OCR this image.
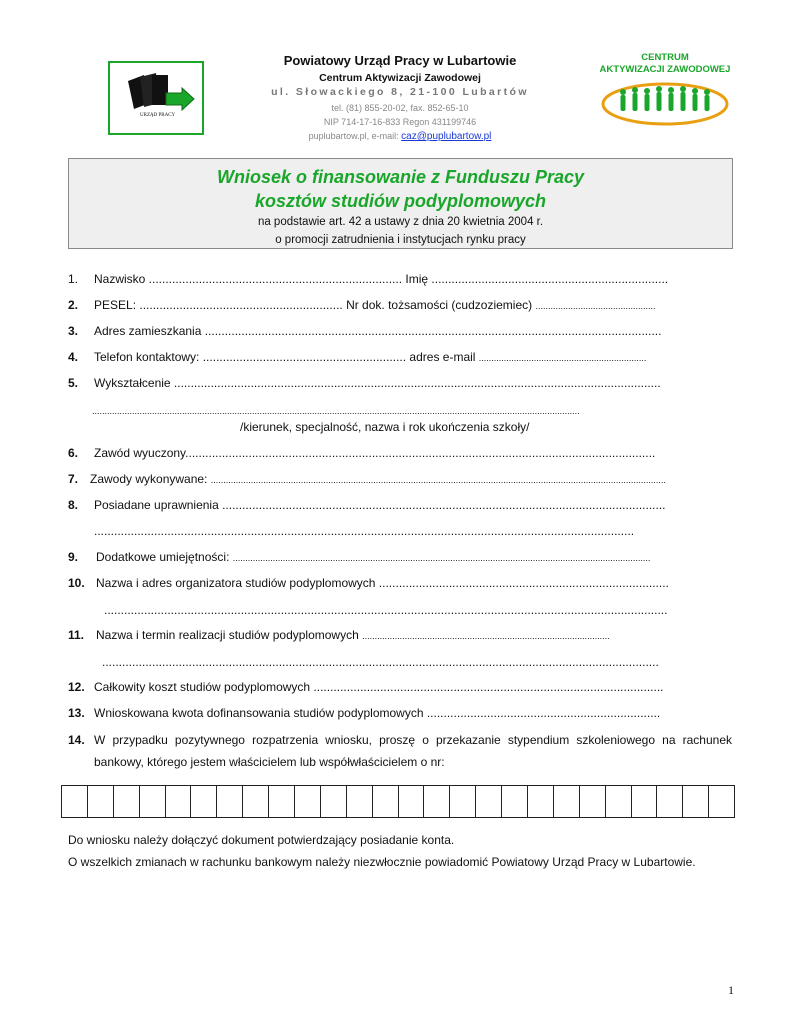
URZĄD PRACY
Powiatowy Urząd Pracy w Lubartowie
Centrum Aktywizacji Zawodowej
ul. Słowackiego 8, 21-100 Lubartów
tel. (81) 855-20-02, fax. 852-65-10
NIP 714-17-16-833 Regon 431199746
puplubartow.pl, e-mail: caz@puplubartow.pl
CENTRUM
AKTYWIZACJI ZAWODOWEJ
Wniosek o finansowanie z Funduszu Pracy
kosztów studiów podyplomowych
na podstawie art. 42 a ustawy z dnia 20 kwietnia 2004 r.
o promocji zatrudnienia i instytucjach rynku pracy
1. Nazwisko ............................................................................ Imię .......................................................................
2. PESEL: ............................................................. Nr dok. tożsamości (cudzoziemiec) ................................................
3. Adres zamieszkania .........................................................................................................................................
4. Telefon kontaktowy: ............................................................. adres e-mail ...................................................................
5. Wykształcenie ..................................................................................................................................................
...................................................................................................................................................................................................
/kierunek, specjalność, nazwa i rok ukończenia szkoły/
6. Zawód wyuczony.............................................................................................................................................
7. Zawody wykonywane: ......................................................................................................................................................................................
8. Posiadane uprawnienia .....................................................................................................................................
..................................................................................................................................................................
9. Dodatkowe umiejętności: .......................................................................................................................................................................
10. Nazwa i adres organizatora studiów podyplomowych .......................................................................................
.........................................................................................................................................................................
11. Nazwa i termin realizacji studiów podyplomowych ...................................................................................................
.......................................................................................................................................................................
12. Całkowity koszt studiów podyplomowych .........................................................................................................
13. Wnioskowana kwota dofinansowania studiów podyplomowych ......................................................................
14. W przypadku pozytywnego rozpatrzenia wniosku, proszę o przekazanie stypendium szkoleniowego na rachunek bankowy, którego jestem właścicielem lub współwłaścicielem o nr:
Do wniosku należy dołączyć dokument potwierdzający posiadanie konta.
O wszelkich zmianach w rachunku bankowym należy niezwłocznie powiadomić Powiatowy Urząd Pracy w Lubartowie.
1
